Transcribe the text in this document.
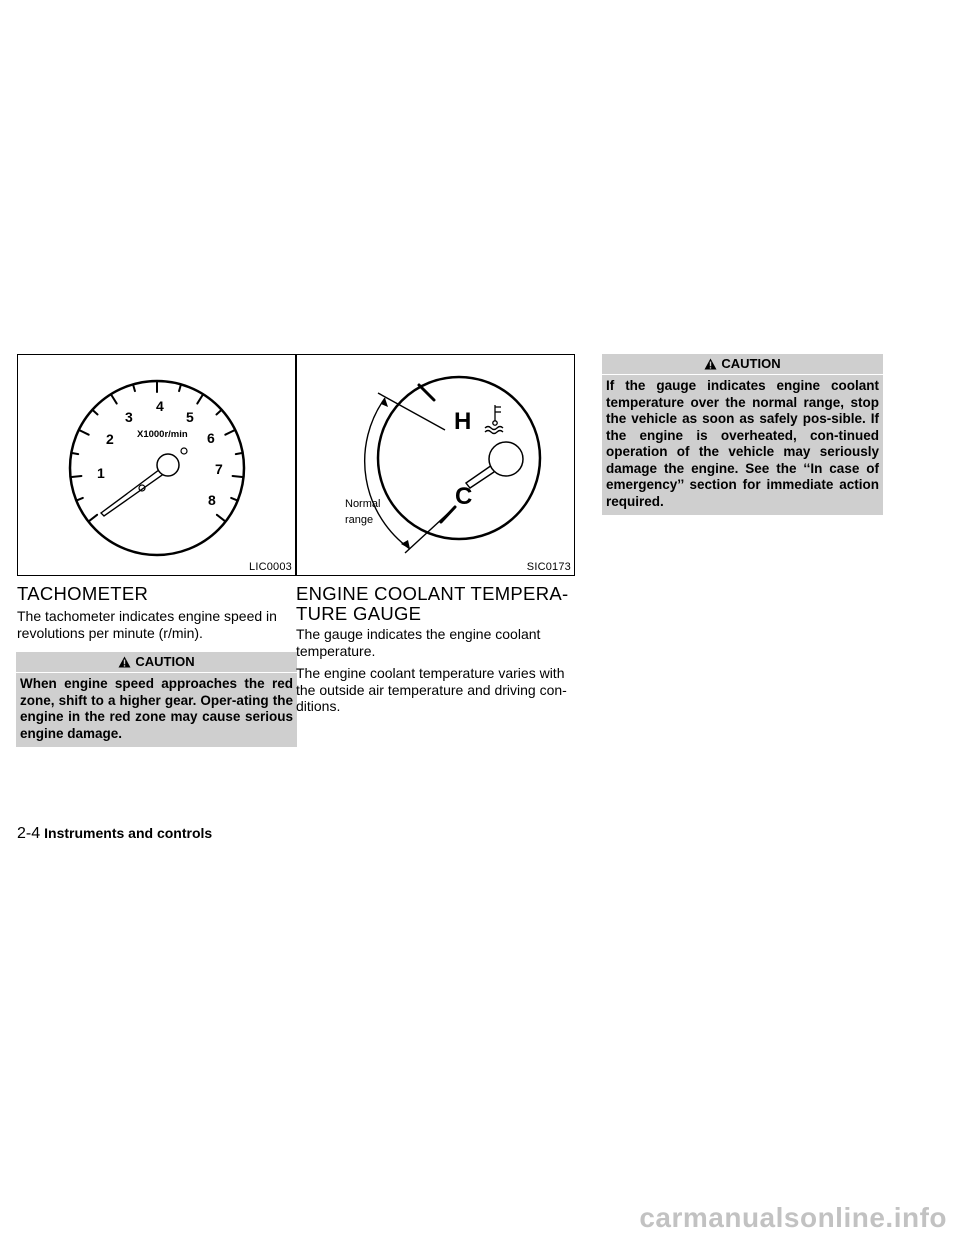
1
2
3
4
5
6
7
8
X1000r/min
LIC0003
H
C
Normal
range
SIC0173
TACHOMETER

The tachometer indicates engine speed in revolutions per minute (r/min).

CAUTION
When engine speed approaches the red zone, shift to a higher gear. Oper-ating the engine in the red zone may cause serious engine damage.
ENGINE COOLANT TEMPERA-
TURE GAUGE

The gauge indicates the engine coolant temperature.

The engine coolant temperature varies with the outside air temperature and driving con-ditions.

CAUTION
If the gauge indicates engine coolant temperature over the normal range, stop the vehicle as soon as safely pos-sible. If the engine is overheated, con-tinued operation of the vehicle may seriously damage the engine. See the ‘‘In case of emergency’’ section for immediate action required.
2-4 Instruments and controls
carmanualsonline.info
